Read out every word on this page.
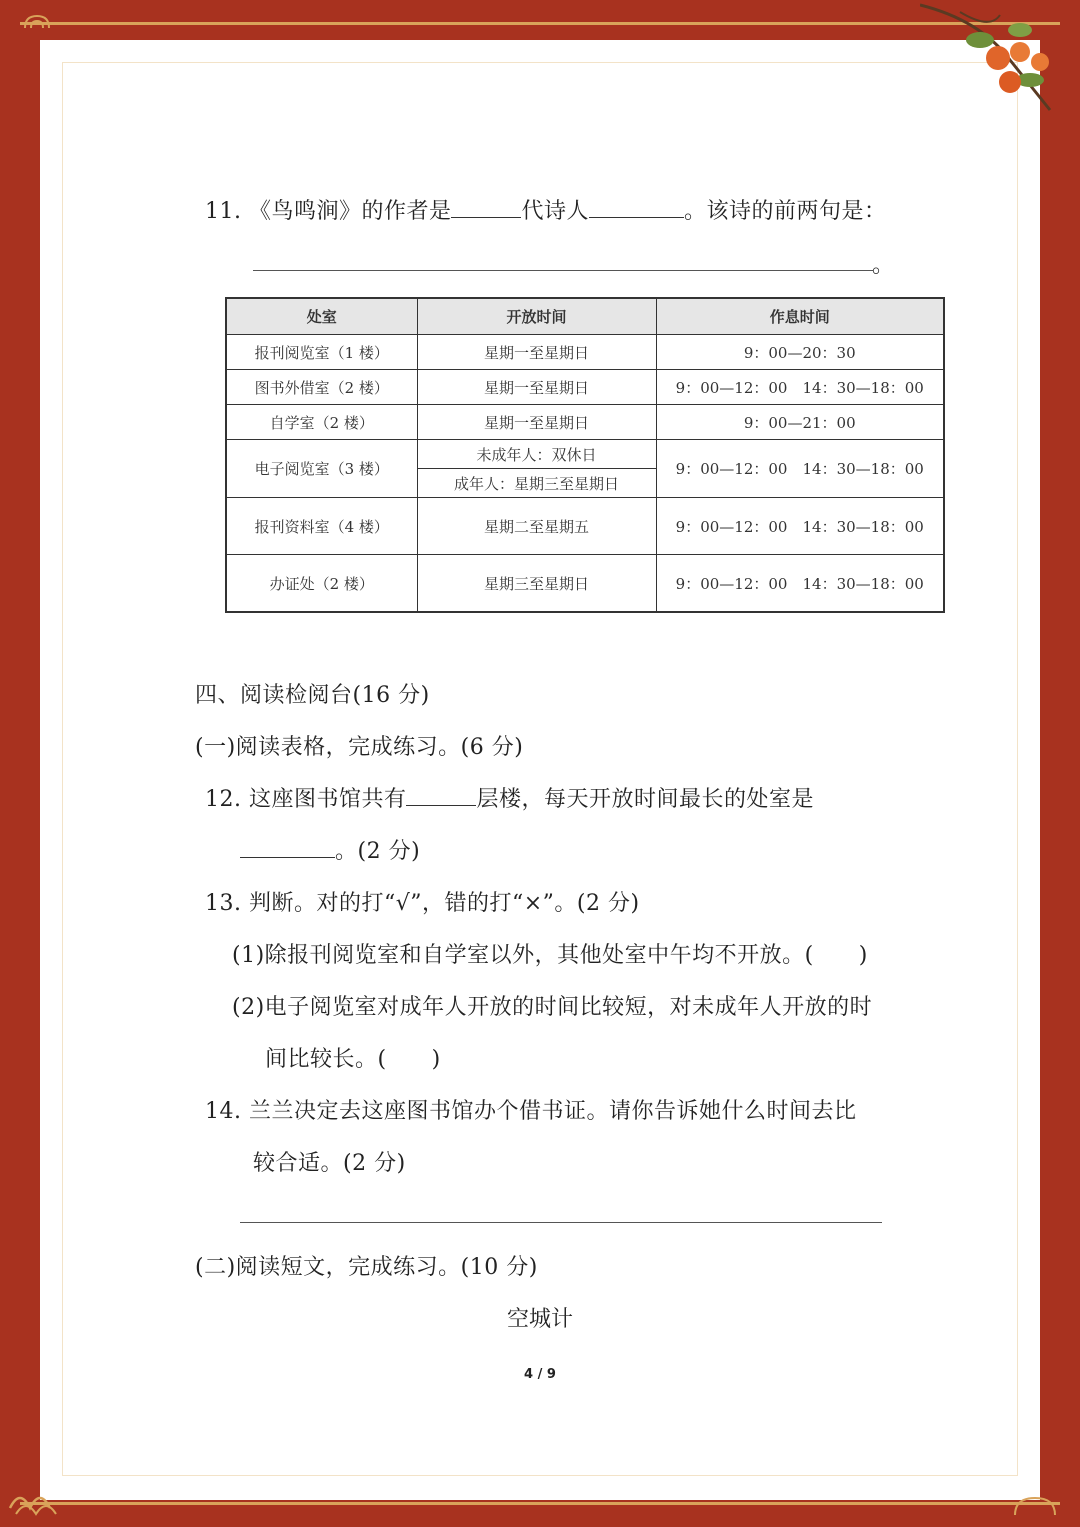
11. 《鸟鸣涧》的作者是	代诗人	。该诗的前两句是：
。
处室	开放时间	作息时间
报刊阅览室（1 楼）	星期一至星期日	9：00—20：30
图书外借室（2 楼）	星期一至星期日	9：00—12：00　14：30—18：00
自学室（2 楼）	星期一至星期日	9：00—21：00
电子阅览室（3 楼）	未成年人：双休日	9：00—12：00　14：30—18：00
	成年人：星期三至星期日	
报刊资料室（4 楼）	星期二至星期五	9：00—12：00　14：30—18：00
办证处（2 楼）	星期三至星期日	9：00—12：00　14：30—18：00
四、阅读检阅台(16 分)
(一)阅读表格，完成练习。(6 分)
12. 这座图书馆共有	层楼，每天开放时间最长的处室是
。(2 分)
13. 判断。对的打“√”，错的打“×”。(2 分)
(1)除报刊阅览室和自学室以外，其他处室中午均不开放。(　　)
(2)电子阅览室对成年人开放的时间比较短，对未成年人开放的时
间比较长。(　　)
14. 兰兰决定去这座图书馆办个借书证。请你告诉她什么时间去比
较合适。(2 分)
(二)阅读短文，完成练习。(10 分)
空城计
4 / 9
